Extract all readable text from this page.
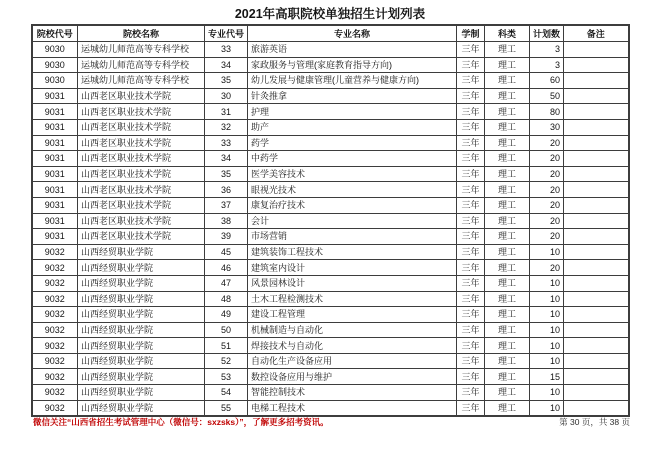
2021年高职院校单独招生计划列表
院校代号	院校名称	专业代号	专业名称	学制	科类	计划数	备注
9030	运城幼儿师范高等专科学校	33	旅游英语	三年	理工	3	
9030	运城幼儿师范高等专科学校	34	家政服务与管理(家庭教育指导方向)	三年	理工	3	
9030	运城幼儿师范高等专科学校	35	幼儿发展与健康管理(儿童营养与健康方向)	三年	理工	60	
9031	山西老区职业技术学院	30	针灸推拿	三年	理工	50	
9031	山西老区职业技术学院	31	护理	三年	理工	80	
9031	山西老区职业技术学院	32	助产	三年	理工	30	
9031	山西老区职业技术学院	33	药学	三年	理工	20	
9031	山西老区职业技术学院	34	中药学	三年	理工	20	
9031	山西老区职业技术学院	35	医学美容技术	三年	理工	20	
9031	山西老区职业技术学院	36	眼视光技术	三年	理工	20	
9031	山西老区职业技术学院	37	康复治疗技术	三年	理工	20	
9031	山西老区职业技术学院	38	会计	三年	理工	20	
9031	山西老区职业技术学院	39	市场营销	三年	理工	20	
9032	山西经贸职业学院	45	建筑装饰工程技术	三年	理工	10	
9032	山西经贸职业学院	46	建筑室内设计	三年	理工	20	
9032	山西经贸职业学院	47	风景园林设计	三年	理工	10	
9032	山西经贸职业学院	48	土木工程检测技术	三年	理工	10	
9032	山西经贸职业学院	49	建设工程管理	三年	理工	10	
9032	山西经贸职业学院	50	机械制造与自动化	三年	理工	10	
9032	山西经贸职业学院	51	焊接技术与自动化	三年	理工	10	
9032	山西经贸职业学院	52	自动化生产设备应用	三年	理工	10	
9032	山西经贸职业学院	53	数控设备应用与维护	三年	理工	15	
9032	山西经贸职业学院	54	智能控制技术	三年	理工	10	
9032	山西经贸职业学院	55	电梯工程技术	三年	理工	10	
微信关注“山西省招生考试管理中心（微信号：sxzsks）”，了解更多招考资讯。	第 30 页，共 38 页
